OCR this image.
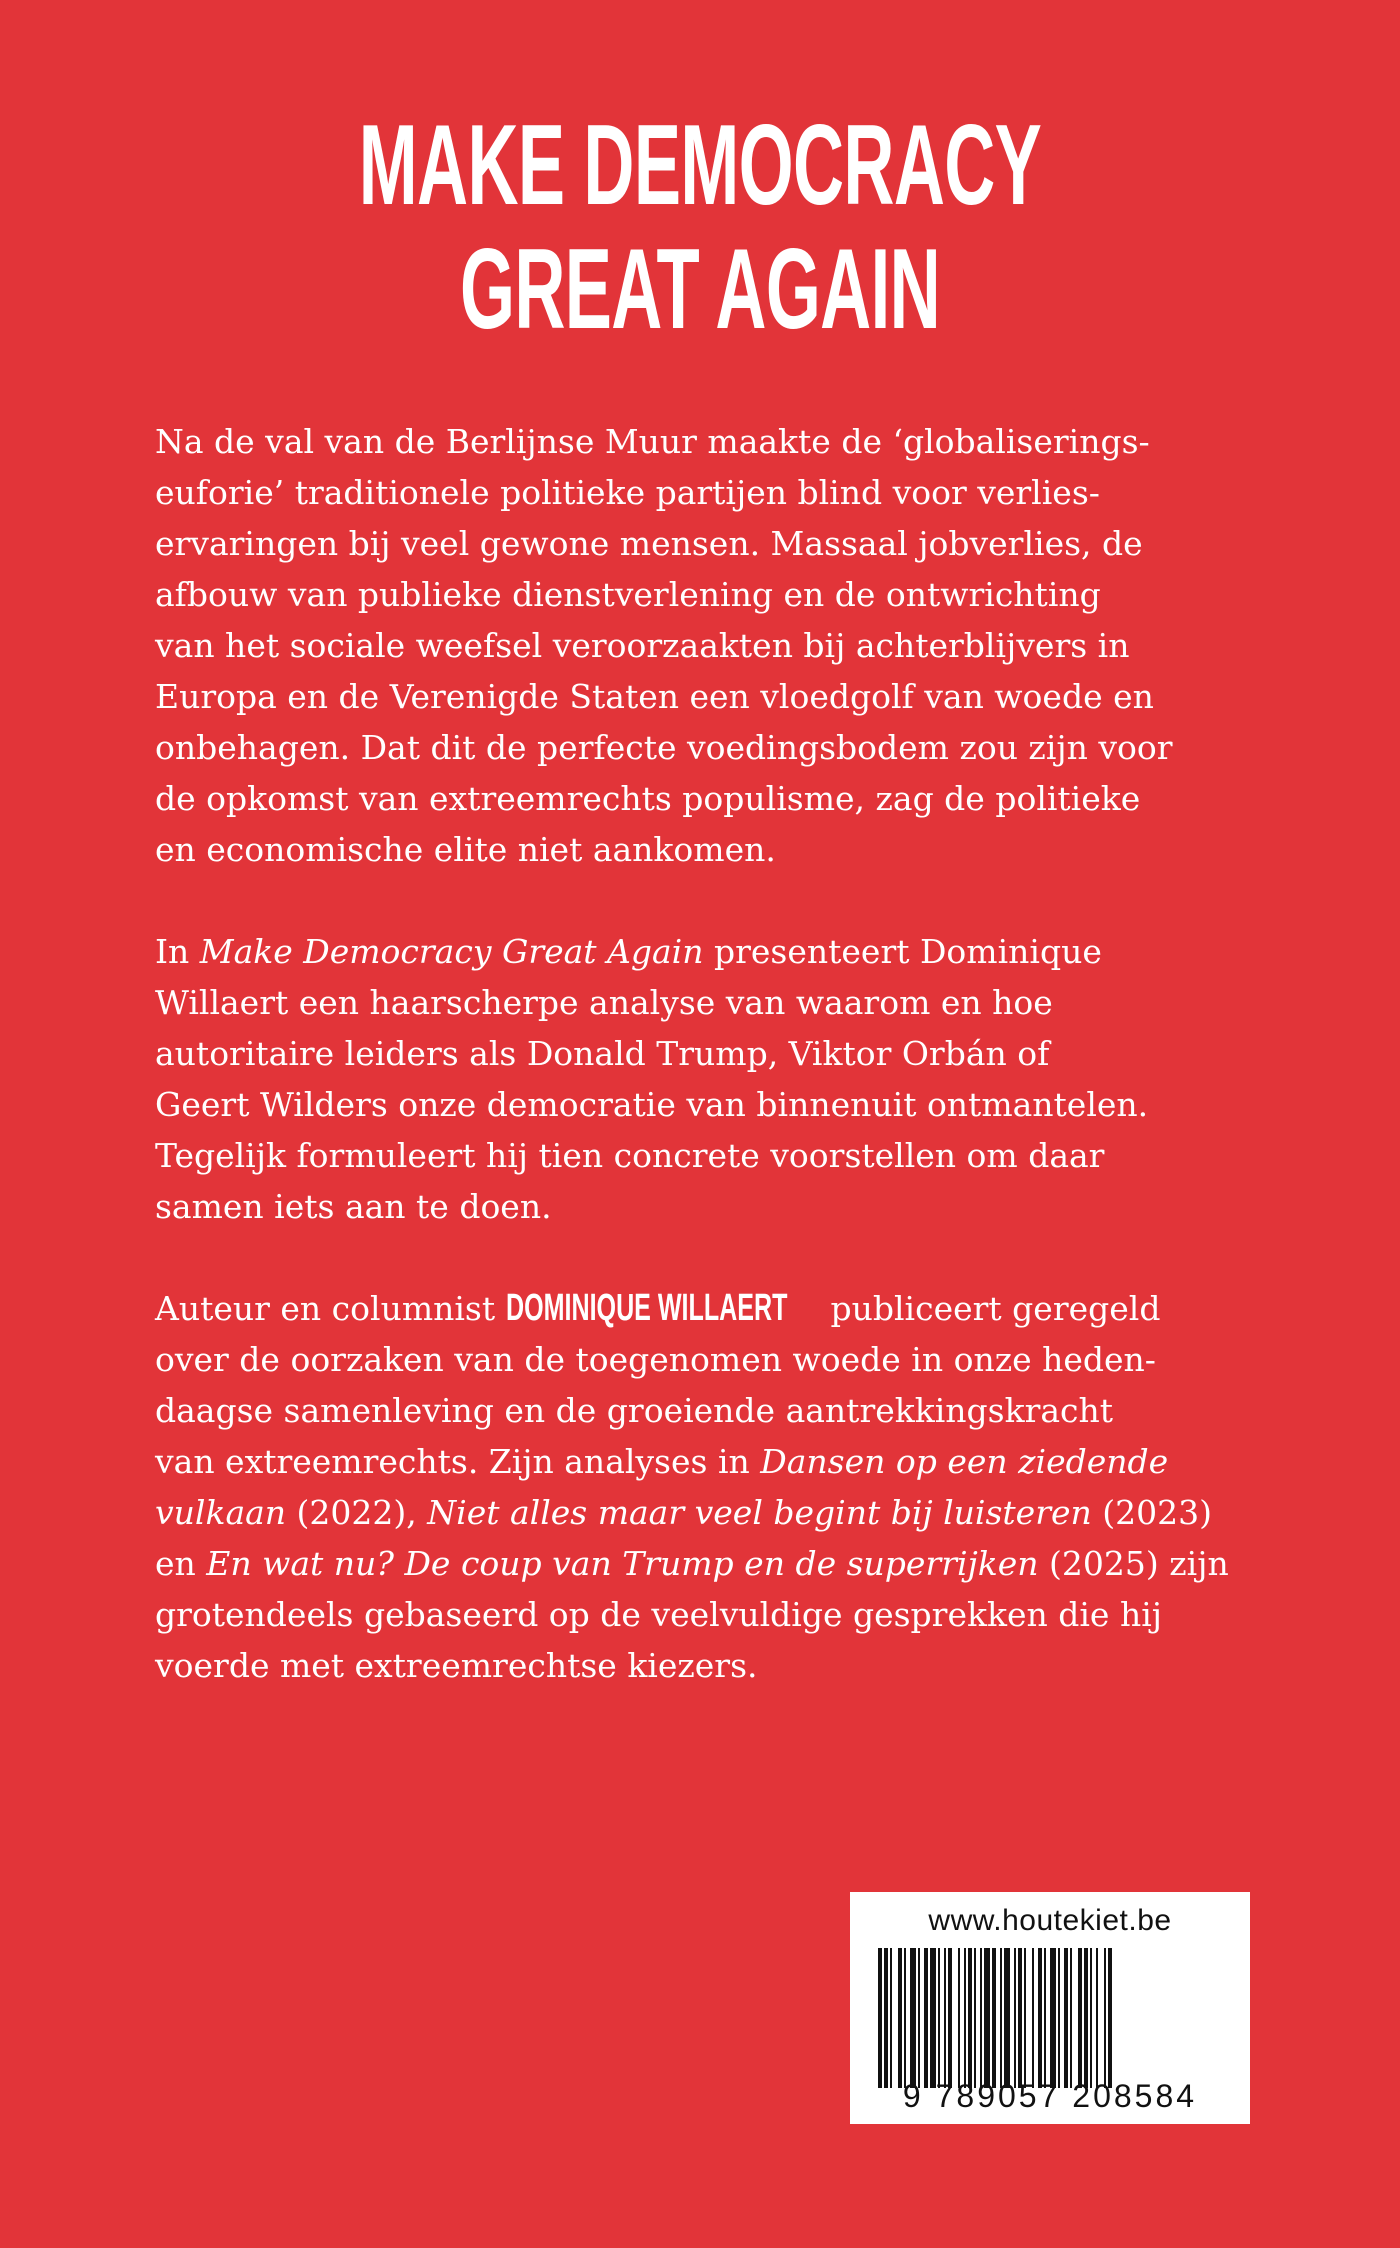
MAKE DEMOCRACY
GREAT AGAIN

Na de val van de Berlijnse Muur maakte de ‘globaliserings-
euforie’ traditionele politieke partijen blind voor verlies-
ervaringen bij veel gewone mensen. Massaal jobverlies, de
afbouw van publieke dienstverlening en de ontwrichting
van het sociale weefsel veroorzaakten bij achterblijvers in
Europa en de Verenigde Staten een vloedgolf van woede en
onbehagen. Dat dit de perfecte voedingsbodem zou zijn voor
de opkomst van extreemrechts populisme, zag de politieke
en economische elite niet aankomen.

In Make Democracy Great Again presenteert Dominique
Willaert een haarscherpe analyse van waarom en hoe
autoritaire leiders als Donald Trump, Viktor Orbán of
Geert Wilders onze democratie van binnenuit ontmantelen.
Tegelijk formuleert hij tien concrete voorstellen om daar
samen iets aan te doen.

Auteur en columnist DOMINIQUE WILLAERT publiceert geregeld
over de oorzaken van de toegenomen woede in onze heden-
daagse samenleving en de groeiende aantrekkingskracht
van extreemrechts. Zijn analyses in Dansen op een ziedende
vulkaan (2022), Niet alles maar veel begint bij luisteren (2023)
en En wat nu? De coup van Trump en de superrijken (2025) zijn
grotendeels gebaseerd op de veelvuldige gesprekken die hij
voerde met extreemrechtse kiezers.

www.houtekiet.be
9 789057 208584
